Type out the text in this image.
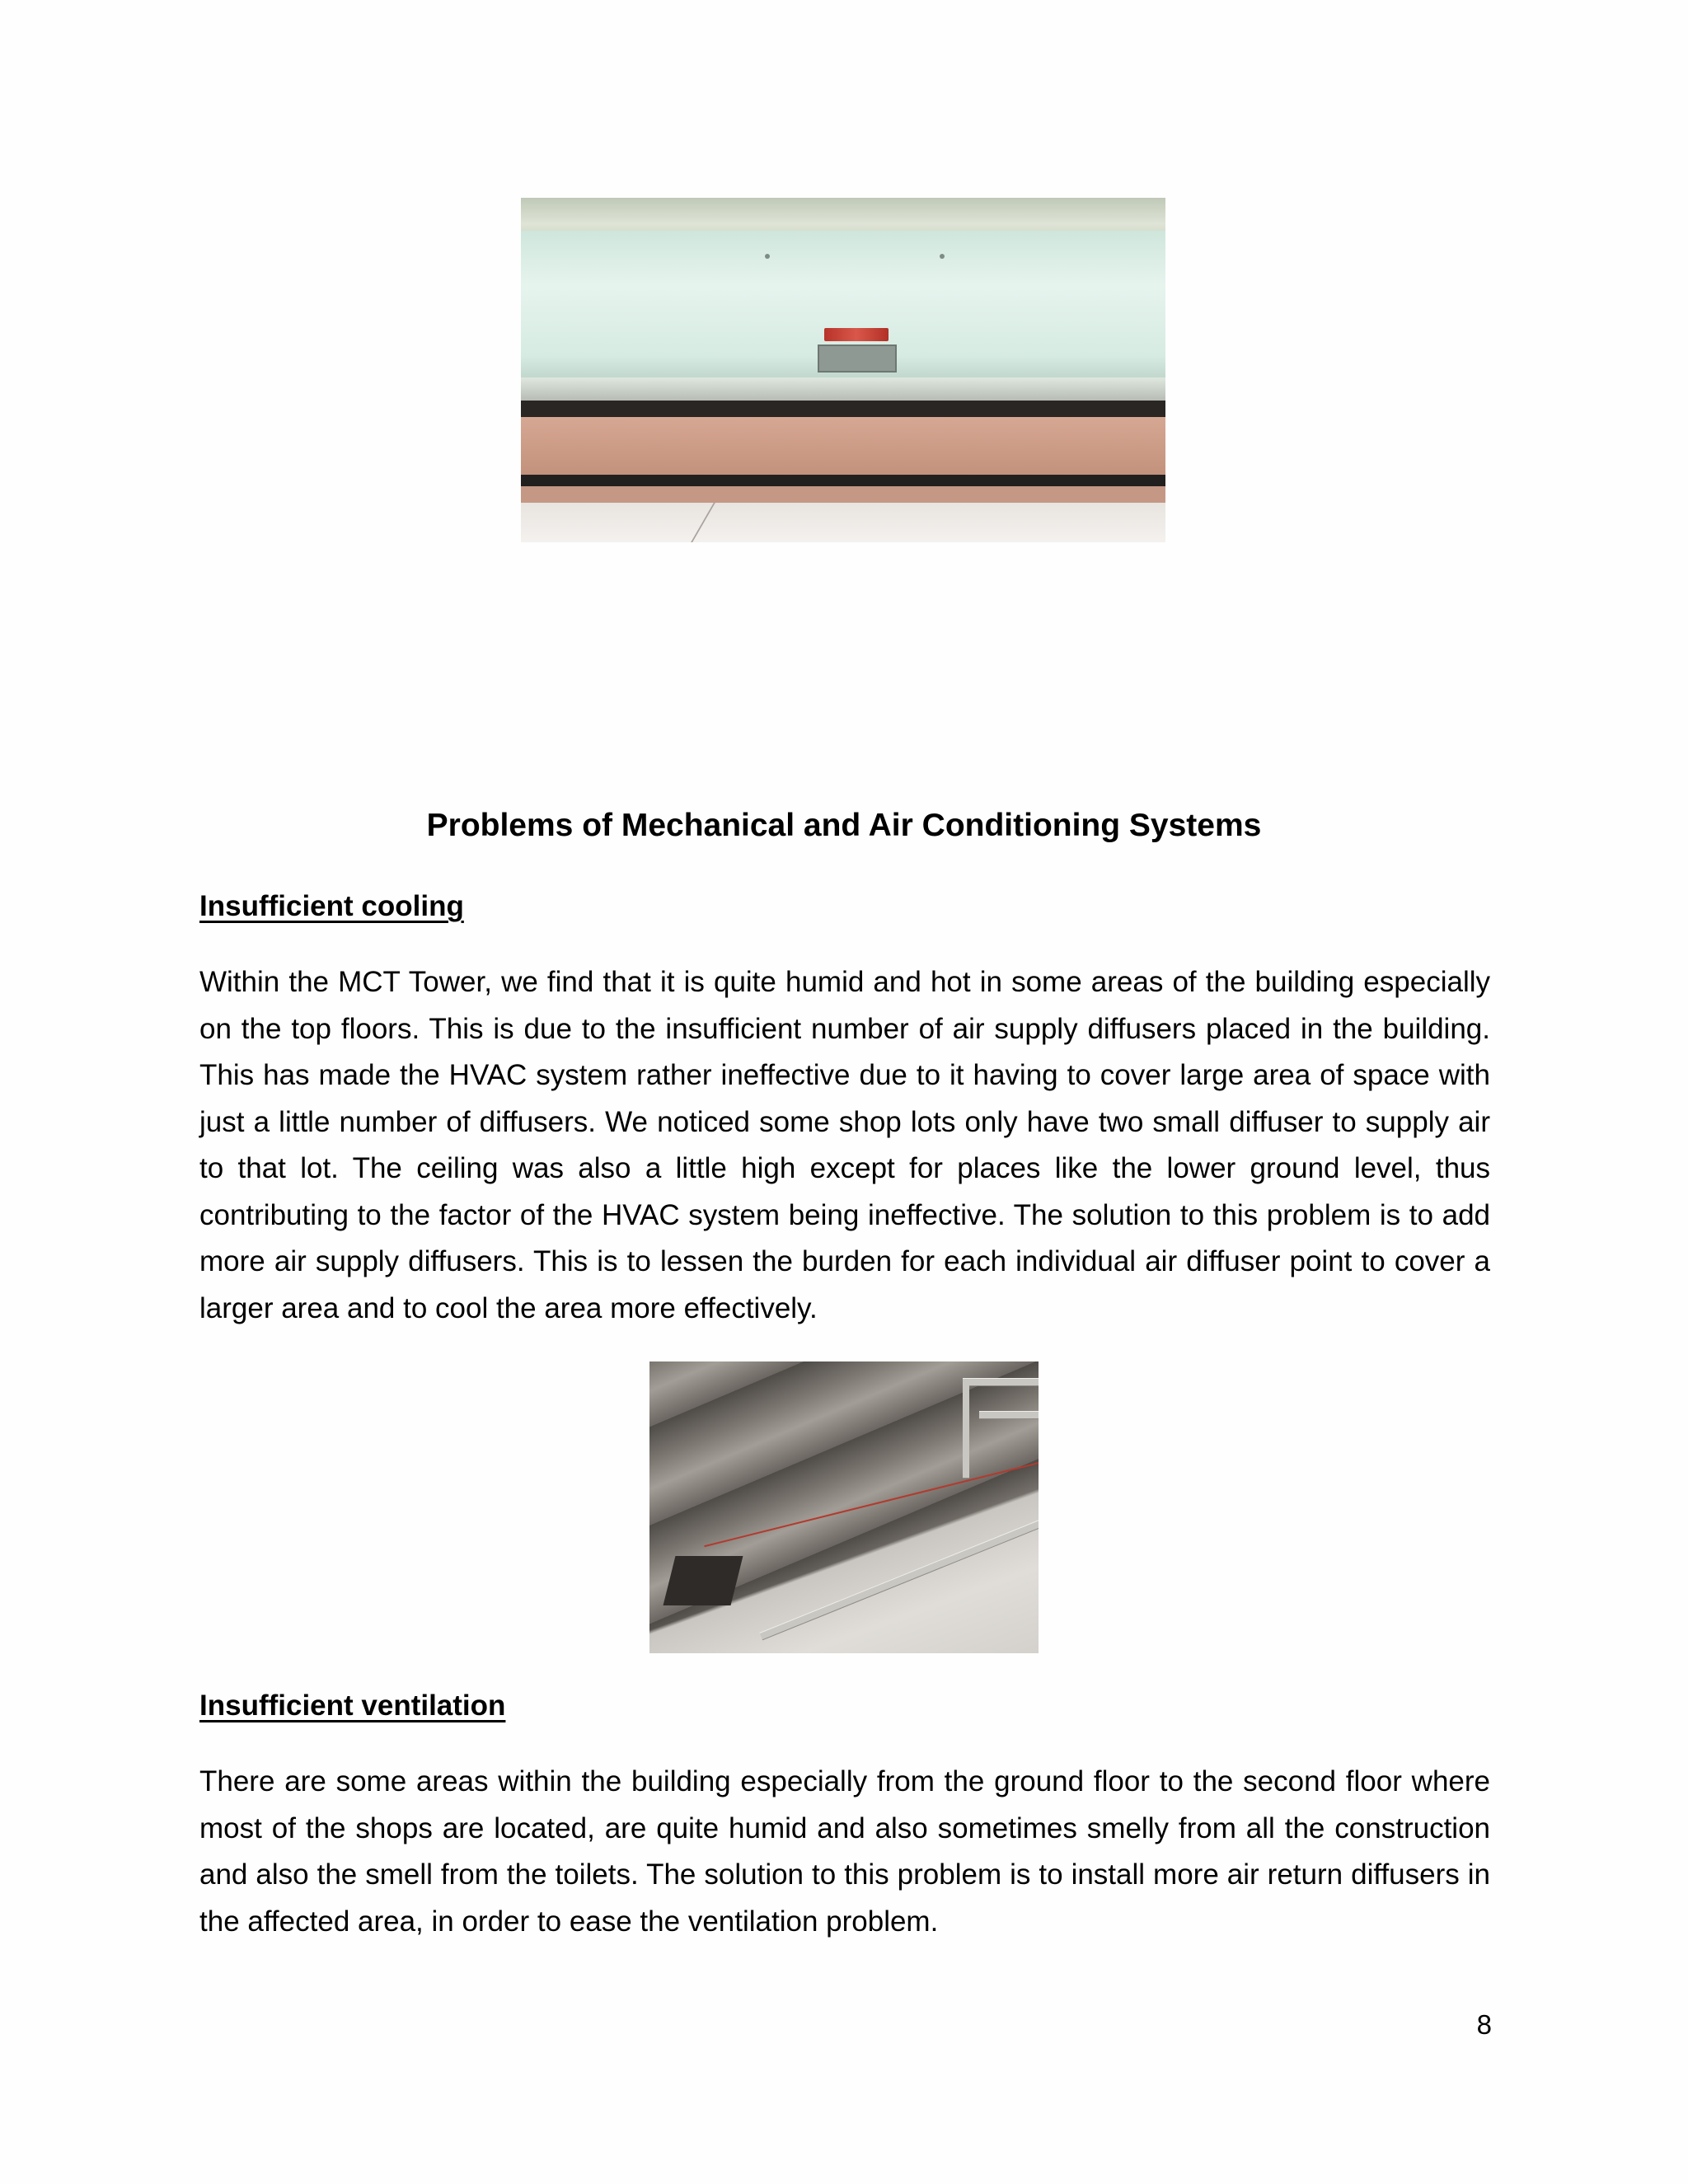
Problems of Mechanical and Air Conditioning Systems
Insufficient cooling

Within the MCT Tower, we find that it is quite humid and hot in some areas of the building especially on the top floors. This is due to the insufficient number of air supply diffusers placed in the building. This has made the HVAC system rather ineffective due to it having to cover large area of space with just a little number of diffusers. We noticed some shop lots only have two small diffuser to supply air to that lot. The ceiling was also a little high except for places like the lower ground level, thus contributing to the factor of the HVAC system being ineffective. The solution to this problem is to add more air supply diffusers. This is to lessen the burden for each individual air diffuser point to cover a larger area and to cool the area more effectively.

Insufficient ventilation

There are some areas within the building especially from the ground floor to the second floor where most of the shops are located, are quite humid and also sometimes smelly from all the construction and also the smell from the toilets. The solution to this problem is to install more air return diffusers in the affected area, in order to ease the ventilation problem.

8
